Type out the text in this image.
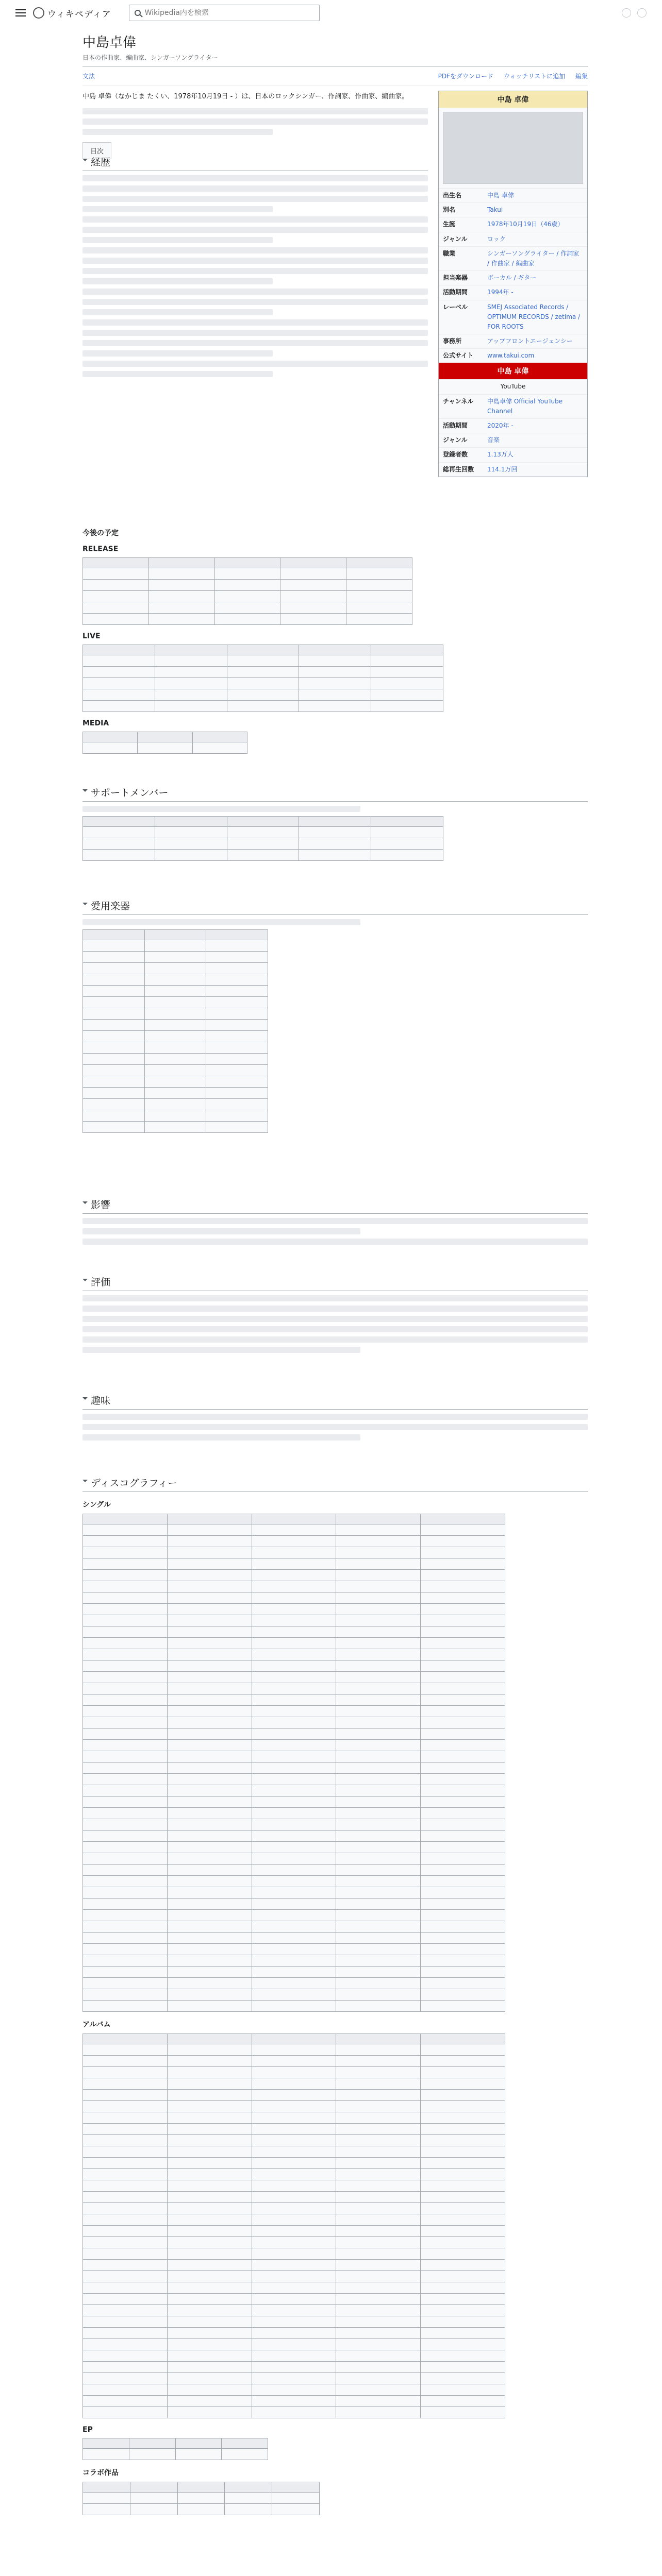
ウィキペディア
Wikipedia内を検索
中島卓偉
日本の作曲家、編曲家、シンガーソングライター
文法	PDFをダウンロード ウォッチリストに追加 編集

中島 卓偉（なかじま たくい、1978年10月19日 - ）は、日本のロックシンガー、作詞家、作曲家、編曲家。

目次
経歴
今後の予定
RELEASE

LIVE

MEDIA

サポートメンバー

愛用楽器

影響
評価
趣味
ディスコグラフィー
シングル

アルバム

EP

コラボ作品

中島 卓偉
出生名	中島 卓偉
別名	Takui
生誕	1978年10月19日（46歳）
ジャンル	ロック
職業	シンガーソングライター / 作詞家 / 作曲家 / 編曲家
担当楽器	ボーカル / ギター
活動期間	1994年 -
レーベル	SMEJ Associated Records / OPTIMUM RECORDS / zetima / FOR ROOTS
事務所	アップフロントエージェンシー
公式サイト	www.takui.com
中島 卓偉
YouTube
チャンネル	中島卓偉 Official YouTube Channel
活動期間	2020年 -
ジャンル	音楽
登録者数	1.13万人
総再生回数	114.1万回
